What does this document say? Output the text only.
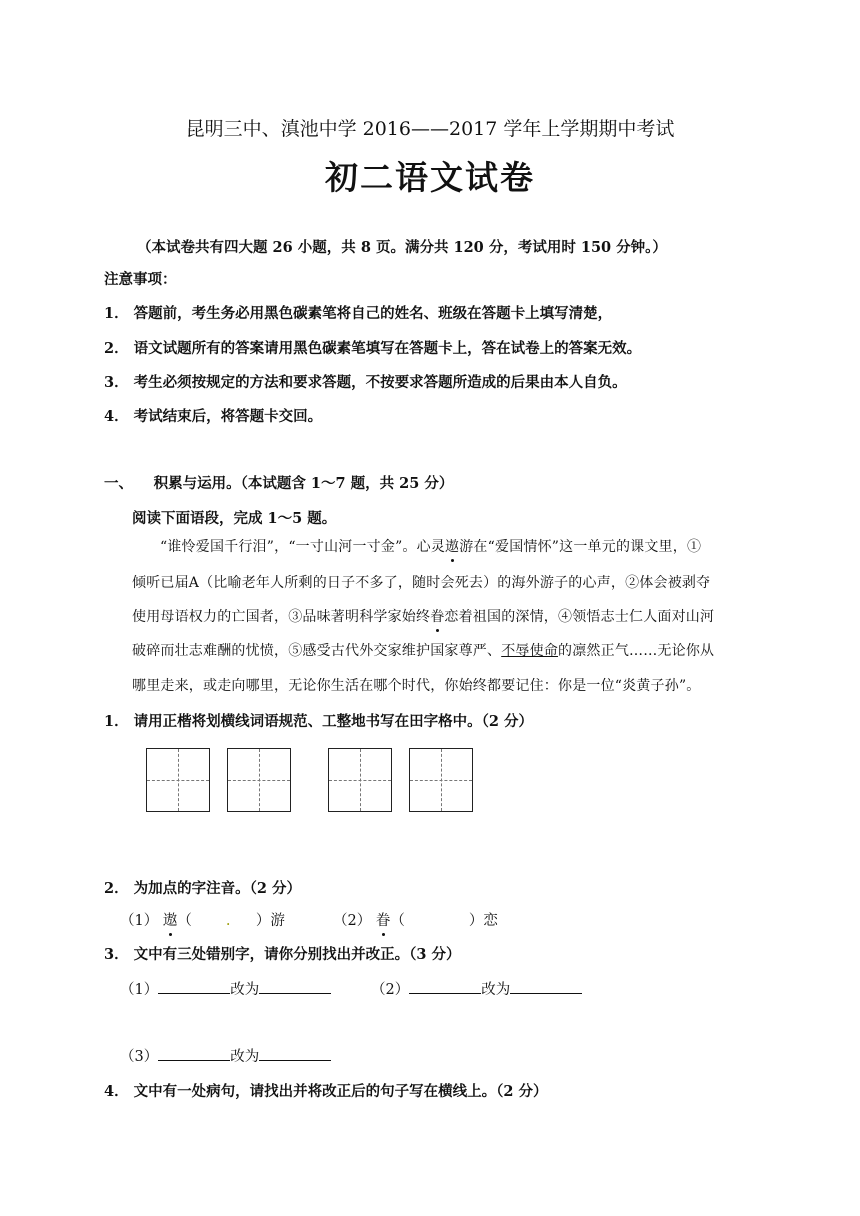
昆明三中、滇池中学 2016——2017 学年上学期期中考试
初二语文试卷
（本试卷共有四大题 26 小题，共 8 页。满分共 120 分，考试用时 150 分钟。）
注意事项：
1． 答题前，考生务必用黑色碳素笔将自己的姓名、班级在答题卡上填写清楚，
2． 语文试题所有的答案请用黑色碳素笔填写在答题卡上，答在试卷上的答案无效。
3． 考生必须按规定的方法和要求答题，不按要求答题所造成的后果由本人自负。
4． 考试结束后，将答题卡交回。
一、 积累与运用。（本试题含 1～7 题，共 25 分）
阅读下面语段，完成 1～5 题。
“谁怜爱国千行泪”，“一寸山河一寸金”。心灵遨游在“爱国情怀”这一单元的课文里，①
倾听已届A（比喻老年人所剩的日子不多了，随时会死去）的海外游子的心声，②体会被剥夺
使用母语权力的亡国者，③品味著明科学家始终眷恋着祖国的深情，④领悟志士仁人面对山河
破碎而壮志难酬的忧愤，⑤感受古代外交家维护国家尊严、不辱使命的凛然正气……无论你从
哪里走来，或走向哪里，无论你生活在哪个时代，你始终都要记住：你是一位“炎黄子孙”。
1． 请用正楷将划横线词语规范、工整地书写在田字格中。（2 分）
2． 为加点的字注音。（2 分）
（1） 遨（ . ）游	（2） 眷（	）恋
3． 文中有三处错别字，请你分别找出并改正。（3 分）
（1）	改为	（2）	改为
（3）	改为
4． 文中有一处病句，请找出并将改正后的句子写在横线上。（2 分）
